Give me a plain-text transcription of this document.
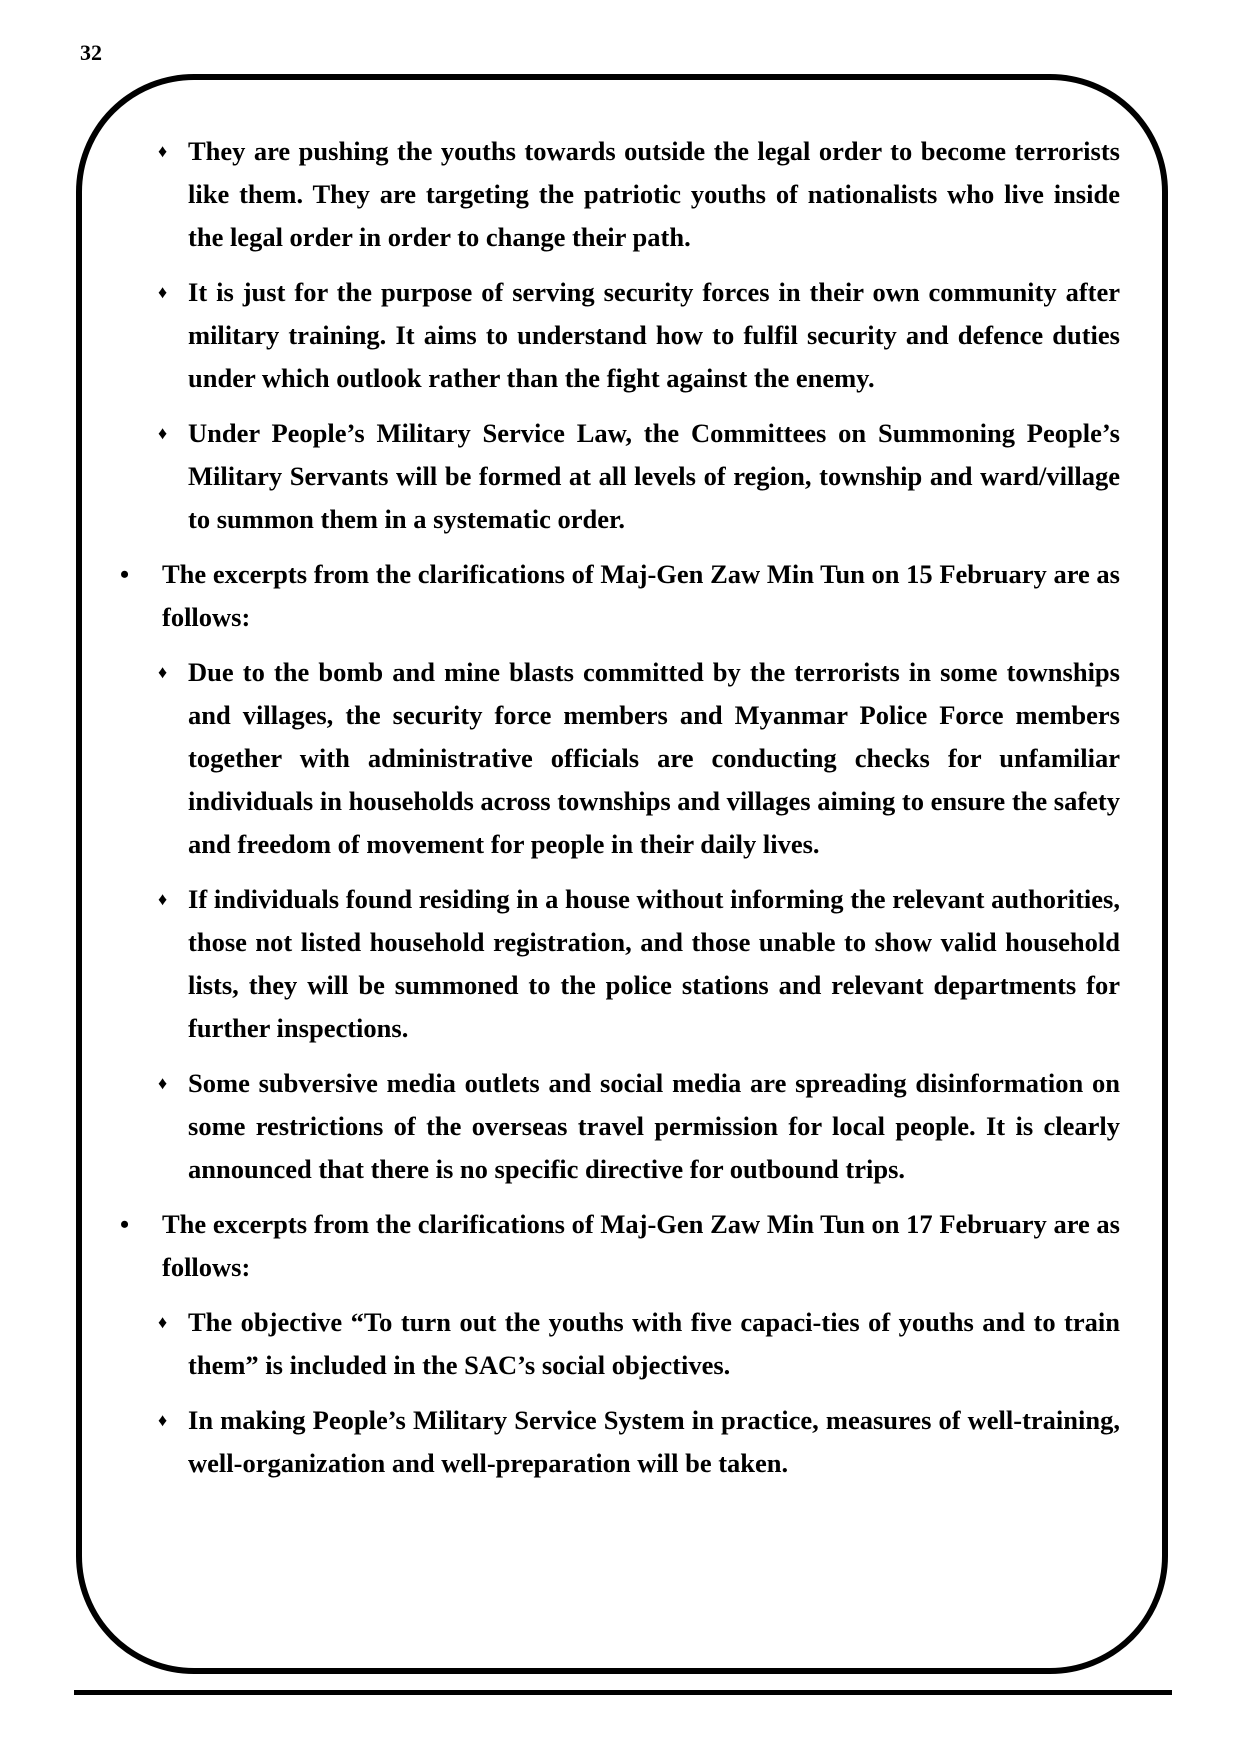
32
♦ They are pushing the youths towards outside the legal order to become terrorists like them. They are targeting the patriotic youths of nationalists who live inside the legal order in order to change their path.
♦ It is just for the purpose of serving security forces in their own community after military training. It aims to understand how to fulfil security and defence duties under which outlook rather than the fight against the enemy.
♦ Under People’s Military Service Law, the Committees on Summoning People’s Military Servants will be formed at all levels of region, township and ward/village to summon them in a systematic order.
• The excerpts from the clarifications of Maj-Gen Zaw Min Tun on 15 February are as follows:
♦ Due to the bomb and mine blasts committed by the terrorists in some townships and villages, the security force members and Myanmar Police Force members together with administrative officials are conducting checks for unfamiliar individuals in households across townships and villages aiming to ensure the safety and freedom of movement for people in their daily lives.
♦ If individuals found residing in a house without informing the relevant authorities, those not listed household registration, and those unable to show valid household lists, they will be summoned to the police stations and relevant departments for further inspections.
♦ Some subversive media outlets and social media are spreading disinformation on some restrictions of the overseas travel permission for local people. It is clearly announced that there is no specific directive for outbound trips.
• The excerpts from the clarifications of Maj-Gen Zaw Min Tun on 17 February are as follows:
♦ The objective “To turn out the youths with five capaci-ties of youths and to train them” is included in the SAC’s social objectives.
♦ In making People’s Military Service System in practice, measures of well-training, well-organization and well-preparation will be taken.
